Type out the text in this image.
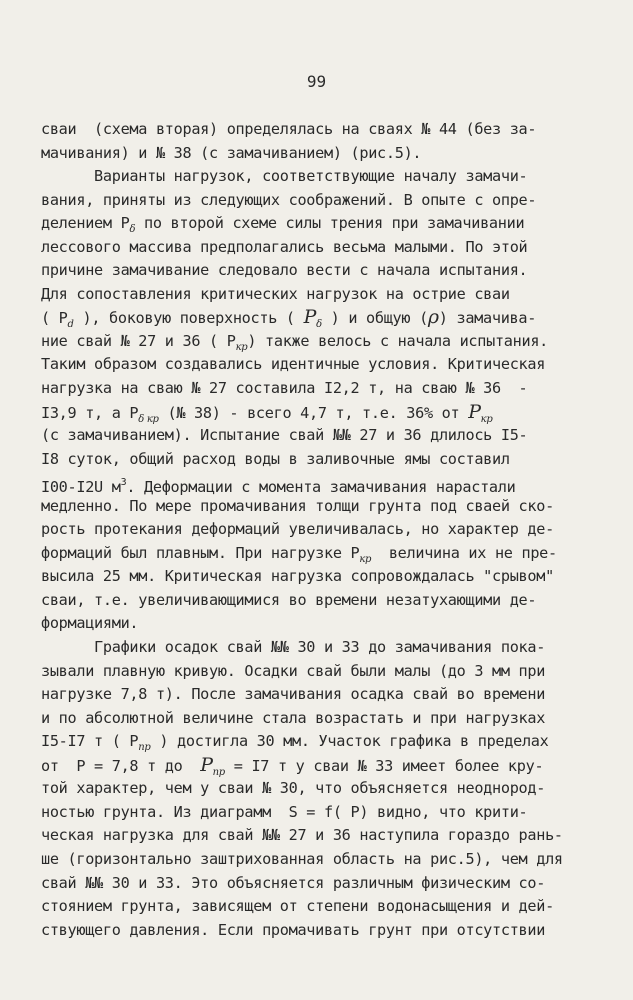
99
сваи  (схема вторая) определялась на сваях № 44 (без за-
мачивания) и № 38 (с замачиванием) (рис.5).
Варианты нагрузок, соответствующие началу замачи-
вания, приняты из следующих соображений. В опыте с опре-
делением $P_\delta$ по второй схеме силы трения при замачивании
лессового массива предполагались весьма малыми. По этой
причине замачивание следовало вести с начала испытания.
Для сопоставления критических нагрузок на острие сваи
( $P_d$ ), боковую поверхность ( $P_\delta$ ) и общую (ρ) замачива-
ние свай № 27 и 36 ( $P_{кр}$) также велось с начала испытания.
Таким образом создавались идентичные условия. Критическая
нагрузка на сваю № 27 составила I2,2 т, на сваю № 36  -
I3,9 т, а $P_{\delta кр}$ (№ 38) - всего 4,7 т, т.е. 36% от $P_{кр}$
(с замачиванием). Испытание свай №№ 27 и 36 длилось I5-
I8 суток, общий расход воды в заливочные ямы составил
I00-I2U $м^3$. Деформации с момента замачивания нарастали
медленно. По мере промачивания толщи грунта под сваей ско-
рость протекания деформаций увеличивалась, но характер де-
формаций был плавным. При нагрузке $P_{кр}$  величина их не пре-
высила 25 мм. Критическая нагрузка сопровождалась "срывом"
сваи, т.е. увеличивающимися во времени незатухающими де-
формациями.
Графики осадок свай №№ 30 и 33 до замачивания пока-
зывали плавную кривую. Осадки свай были малы (до 3 мм при
нагрузке 7,8 т). После замачивания осадка свай во времени
и по абсолютной величине стала возрастать и при нагрузках
I5-I7 т ( $P_{пр}$ ) достигла 30 мм. Участок графика в пределах
от  P = 7,8 т до  $P_{пр} = I7$ т у сваи № 33 имеет более кру-
той характер, чем у сваи № 30, что объясняется неоднород-
ностью грунта. Из диаграмм  S = f( P) видно, что крити-
ческая нагрузка для свай №№ 27 и 36 наступила гораздо рань-
ше (горизонтально заштрихованная область на рис.5), чем для
свай №№ 30 и 33. Это объясняется различным физическим со-
стоянием грунта, зависящем от степени водонасыщения и дей-
ствующего давления. Если промачивать грунт при отсутствии
